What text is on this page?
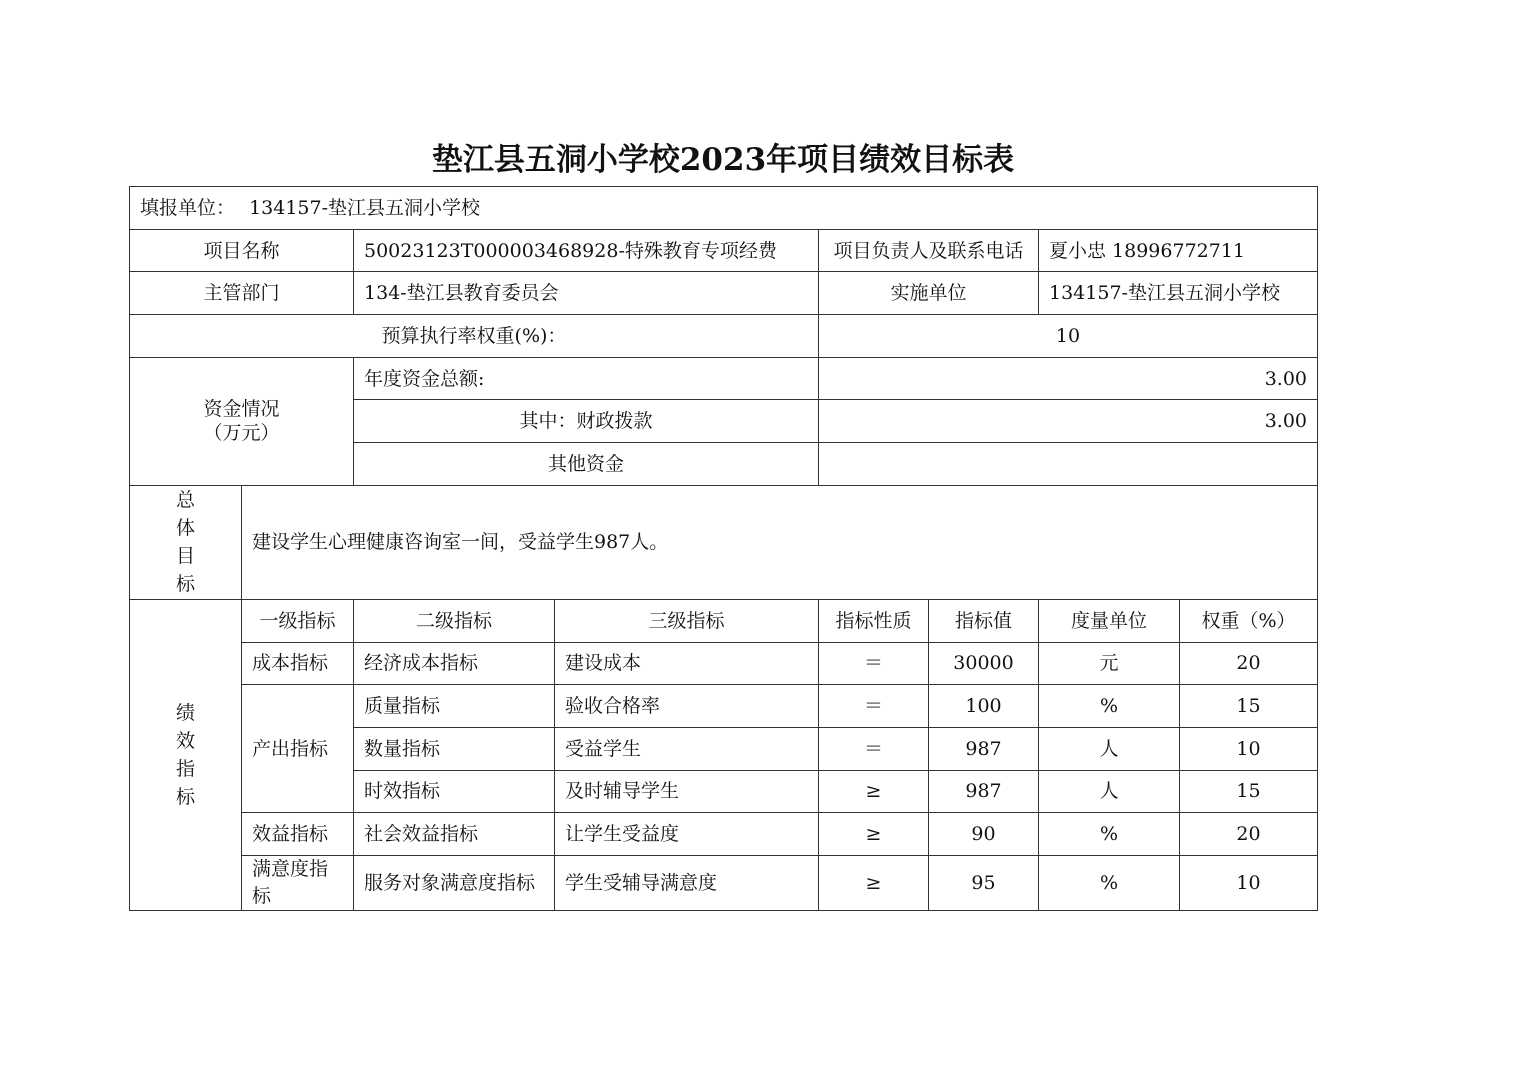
垫江县五洞小学校2023年项目绩效目标表
填报单位： 134157-垫江县五洞小学校							
项目名称		50023123T000003468928-特殊教育专项经费		项目负责人及联系电话		夏小忠 18996772711	
主管部门		134-垫江县教育委员会		实施单位		134157-垫江县五洞小学校	
预算执行率权重(%)：				10			

资金情况
（万元）		年度资金总额:		3.00			
		其中：财政拨款		3.00			
		其他资金					

总
体
目
标	建设学生心理健康咨询室一间，受益学生987人。						

绩
效
指
标	一级指标	二级指标	三级指标	指标性质	指标值	度量单位	权重（%）
	成本指标	经济成本指标	建设成本	＝	30000	元	20
	产出指标	质量指标	验收合格率	＝	100	%	15
		数量指标	受益学生	＝	987	人	10
		时效指标	及时辅导学生	≥	987	人	15
	效益指标	社会效益指标	让学生受益度	≥	90	%	20
	满意度指标	服务对象满意度指标	学生受辅导满意度	≥	95	%	10
